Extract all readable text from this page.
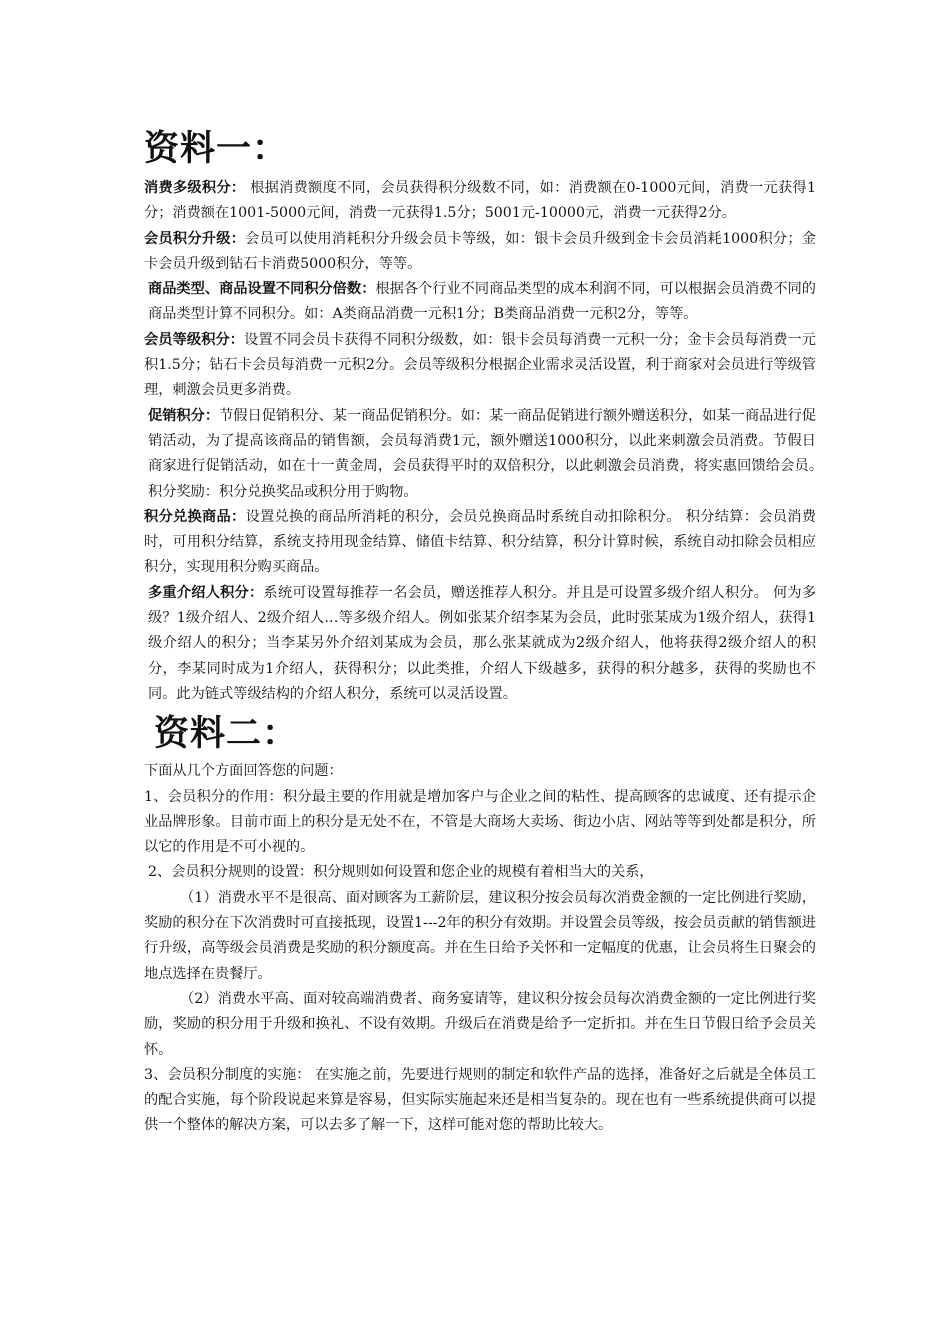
资料一：

消费多级积分： 根据消费额度不同，会员获得积分级数不同，如：消费额在0-1000元间，消费一元获得1分；消费额在1001-5000元间，消费一元获得1.5分；5001元-10000元，消费一元获得2分。

会员积分升级：会员可以使用消耗积分升级会员卡等级，如：银卡会员升级到金卡会员消耗1000积分；金卡会员升级到钻石卡消费5000积分，等等。

商品类型、商品设置不同积分倍数：根据各个行业不同商品类型的成本利润不同，可以根据会员消费不同的商品类型计算不同积分。如：A类商品消费一元积1分；B类商品消费一元积2分，等等。

会员等级积分：设置不同会员卡获得不同积分级数，如：银卡会员每消费一元积一分；金卡会员每消费一元积1.5分；钻石卡会员每消费一元积2分。会员等级积分根据企业需求灵活设置，利于商家对会员进行等级管理，刺激会员更多消费。

促销积分：节假日促销积分、某一商品促销积分。如：某一商品促销进行额外赠送积分，如某一商品进行促销活动，为了提高该商品的销售额，会员每消费1元，额外赠送1000积分，以此来刺激会员消费。节假日商家进行促销活动，如在十一黄金周，会员获得平时的双倍积分，以此刺激会员消费，将实惠回馈给会员。　积分奖励：积分兑换奖品或积分用于购物。

积分兑换商品：设置兑换的商品所消耗的积分，会员兑换商品时系统自动扣除积分。 积分结算：会员消费时，可用积分结算，系统支持用现金结算、储值卡结算、积分结算，积分计算时候，系统自动扣除会员相应积分，实现用积分购买商品。

多重介绍人积分：系统可设置每推荐一名会员，赠送推荐人积分。并且是可设置多级介绍人积分。 何为多级？1级介绍人、2级介绍人…等多级介绍人。例如张某介绍李某为会员，此时张某成为1级介绍人，获得1级介绍人的积分；当李某另外介绍刘某成为会员，那么张某就成为2级介绍人，他将获得2级介绍人的积分，李某同时成为1介绍人，获得积分；以此类推，介绍人下级越多，获得的积分越多，获得的奖励也不同。此为链式等级结构的介绍人积分，系统可以灵活设置。

资料二：

下面从几个方面回答您的问题：

1、会员积分的作用：积分最主要的作用就是增加客户与企业之间的粘性、提高顾客的忠诚度、还有提示企业品牌形象。目前市面上的积分是无处不在，不管是大商场大卖场、街边小店、网站等等到处都是积分，所以它的作用是不可小视的。

2、会员积分规则的设置：积分规则如何设置和您企业的规模有着相当大的关系，

（1）消费水平不是很高、面对顾客为工薪阶层，建议积分按会员每次消费金额的一定比例进行奖励，奖励的积分在下次消费时可直接抵现，设置1---2年的积分有效期。并设置会员等级，按会员贡献的销售额进行升级，高等级会员消费是奖励的积分额度高。并在生日给予关怀和一定幅度的优惠，让会员将生日聚会的地点选择在贵餐厅。

（2）消费水平高、面对较高端消费者、商务宴请等，建议积分按会员每次消费金额的一定比例进行奖励，奖励的积分用于升级和换礼、不设有效期。升级后在消费是给予一定折扣。并在生日节假日给予会员关怀。

3、会员积分制度的实施： 在实施之前，先要进行规则的制定和软件产品的选择，准备好之后就是全体员工的配合实施，每个阶段说起来算是容易，但实际实施起来还是相当复杂的。现在也有一些系统提供商可以提供一个整体的解决方案，可以去多了解一下，这样可能对您的帮助比较大。
